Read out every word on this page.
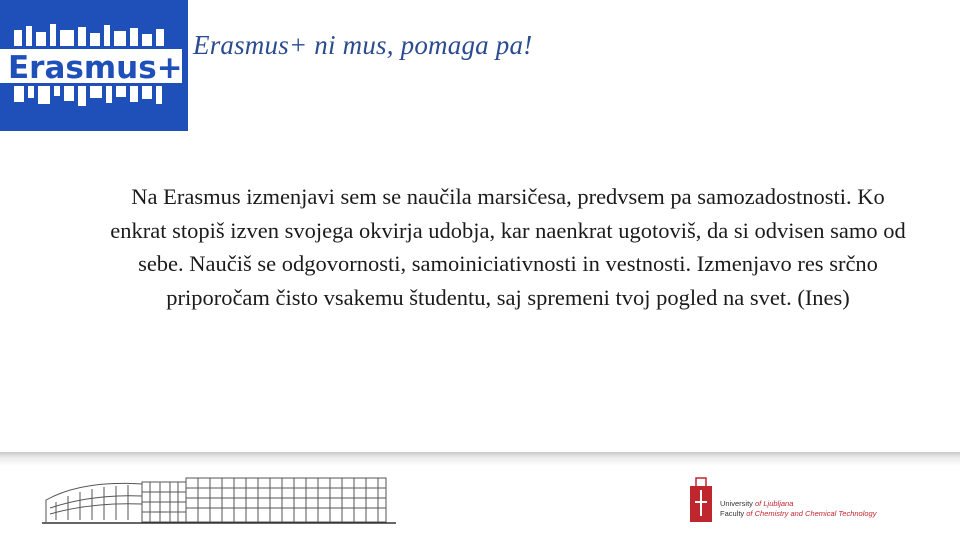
Erasmus+
Erasmus+ ni mus, pomaga pa!
Na Erasmus izmenjavi sem se naučila marsičesa, predvsem pa samozadostnosti. Ko enkrat stopiš izven svojega okvirja udobja, kar naenkrat ugotoviš, da si odvisen samo od sebe. Naučiš se odgovornosti, samoiniciativnosti in vestnosti. Izmenjavo res srčno priporočam čisto vsakemu študentu, saj spremeni tvoj pogled na svet. (Ines)
University of Ljubljana
Faculty of Chemistry and Chemical Technology
